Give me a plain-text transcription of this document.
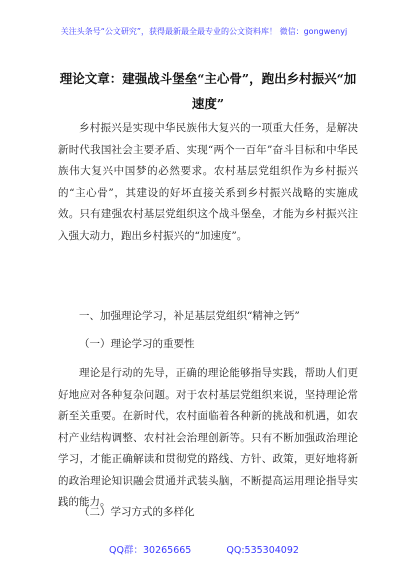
关注头条号“公文研究”，获得最新最全最专业的公文资料库！ 微信：gongwenyj
理论文章：建强战斗堡垒“主心骨”，跑出乡村振兴“加速度”
乡村振兴是实现中华民族伟大复兴的一项重大任务，是解决新时代我国社会主要矛盾、实现“两个一百年”奋斗目标和中华民族伟大复兴中国梦的必然要求。农村基层党组织作为乡村振兴的“主心骨”，其建设的好坏直接关系到乡村振兴战略的实施成效。只有建强农村基层党组织这个战斗堡垒，才能为乡村振兴注入强大动力，跑出乡村振兴的“加速度”。
一、加强理论学习，补足基层党组织“精神之钙”
（一）理论学习的重要性
理论是行动的先导，正确的理论能够指导实践，帮助人们更好地应对各种复杂问题。对于农村基层党组织来说，坚持理论常新至关重要。在新时代，农村面临着各种新的挑战和机遇，如农村产业结构调整、农村社会治理创新等。只有不断加强政治理论学习，才能正确解读和贯彻党的路线、方针、政策，更好地将新的政治理论知识融会贯通并武装头脑，不断提高运用理论指导实践的能力。
（二）学习方式的多样化
QQ群：30265665	QQ:535304092
